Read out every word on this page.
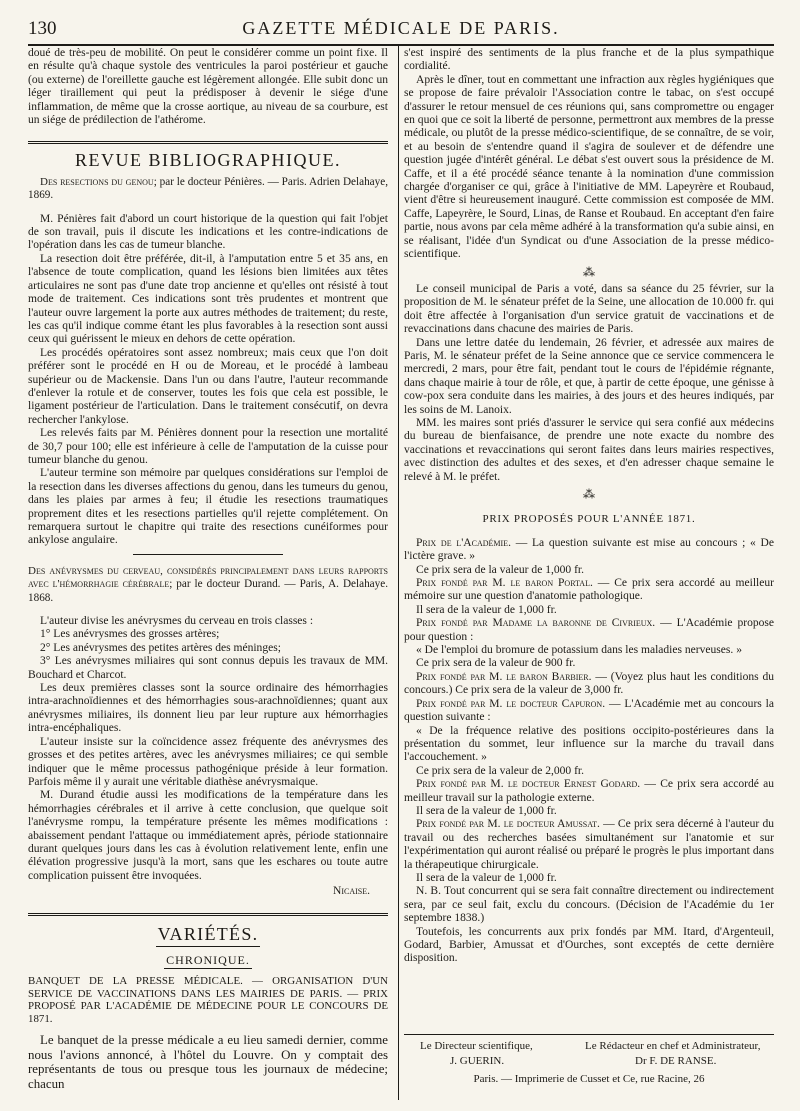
130	GAZETTE MÉDICALE DE PARIS.

doué de très-peu de mobilité. On peut le considérer comme un point fixe. Il en résulte qu'à chaque systole des ventricules la paroi postérieur et gauche (ou externe) de l'oreillette gauche est légèrement allongée. Elle subit donc un léger tiraillement qui peut la prédisposer à devenir le siége d'une inflammation, de même que la crosse aortique, au niveau de sa courbure, est un siége de prédilection de l'athérome.

REVUE BIBLIOGRAPHIQUE.

Des resections du genou; par le docteur Pénières. — Paris. Adrien Delahaye, 1869.

M. Pénières fait d'abord un court historique de la question qui fait l'objet de son travail, puis il discute les indications et les contre-indications de l'opération dans les cas de tumeur blanche.

La resection doit être préférée, dit-il, à l'amputation entre 5 et 35 ans, en l'absence de toute complication, quand les lésions bien limitées aux têtes articulaires ne sont pas d'une date trop ancienne et qu'elles ont résisté à tout mode de traitement. Ces indications sont très prudentes et montrent que l'auteur ouvre largement la porte aux autres méthodes de traitement; du reste, les cas qu'il indique comme étant les plus favorables à la resection sont aussi ceux qui guérissent le mieux en dehors de cette opération.

Les procédés opératoires sont assez nombreux; mais ceux que l'on doit préférer sont le procédé en H ou de Moreau, et le procédé à lambeau supérieur ou de Mackensie. Dans l'un ou dans l'autre, l'auteur recommande d'enlever la rotule et de conserver, toutes les fois que cela est possible, le ligament postérieur de l'articulation. Dans le traitement consécutif, on devra rechercher l'ankylose.

Les relevés faits par M. Pénières donnent pour la resection une mortalité de 30,7 pour 100; elle est inférieure à celle de l'amputation de la cuisse pour tumeur blanche du genou.

L'auteur termine son mémoire par quelques considérations sur l'emploi de la resection dans les diverses affections du genou, dans les tumeurs du genou, dans les plaies par armes à feu; il étudie les resections traumatiques proprement dites et les resections partielles qu'il rejette complétement. On remarquera surtout le chapitre qui traite des resections cunéiformes pour ankylose angulaire.

Des anévrysmes du cerveau, considérés principalement dans leurs rapports avec l'hémorrhagie cérébrale; par le docteur Durand. — Paris, A. Delahaye. 1868.

L'auteur divise les anévrysmes du cerveau en trois classes :

1° Les anévrysmes des grosses artères;

2° Les anévrysmes des petites artères des méninges;

3° Les anévrysmes miliaires qui sont connus depuis les travaux de MM. Bouchard et Charcot.

Les deux premières classes sont la source ordinaire des hémorrhagies intra-arachnoïdiennes et des hémorrhagies sous-arachnoïdiennes; quant aux anévrysmes miliaires, ils donnent lieu par leur rupture aux hémorrhagies intra-encéphaliques.

L'auteur insiste sur la coïncidence assez fréquente des anévrysmes des grosses et des petites artères, avec les anévrysmes miliaires; ce qui semble indiquer que le même processus pathogénique préside à leur formation. Parfois même il y aurait une véritable diathèse anévrysmaique.

M. Durand étudie aussi les modifications de la température dans les hémorrhagies cérébrales et il arrive à cette conclusion, que quelque soit l'anévrysme rompu, la température présente les mêmes modifications : abaissement pendant l'attaque ou immédiatement après, période stationnaire durant quelques jours dans les cas à évolution relativement lente, enfin une élévation progressive jusqu'à la mort, sans que les eschares ou toute autre complication puissent être invoquées.

Nicaise.

VARIÉTÉS.
CHRONIQUE.

BANQUET DE LA PRESSE MÉDICALE. — ORGANISATION D'UN SERVICE DE VACCINATIONS DANS LES MAIRIES DE PARIS. — PRIX PROPOSÉ PAR L'ACADÉMIE DE MÉDECINE POUR LE CONCOURS DE 1871.

Le banquet de la presse médicale a eu lieu samedi dernier, comme nous l'avions annoncé, à l'hôtel du Louvre. On y comptait des représentants de tous ou presque tous les journaux de médecine; chacun

s'est inspiré des sentiments de la plus franche et de la plus sympathique cordialité.

Après le dîner, tout en commettant une infraction aux règles hygiéniques que se propose de faire prévaloir l'Association contre le tabac, on s'est occupé d'assurer le retour mensuel de ces réunions qui, sans compromettre ou engager en quoi que ce soit la liberté de personne, permettront aux membres de la presse médicale, ou plutôt de la presse médico-scientifique, de se connaître, de se voir, et au besoin de s'entendre quand il s'agira de soulever et de défendre une question jugée d'intérêt général. Le débat s'est ouvert sous la présidence de M. Caffe, et il a été procédé séance tenante à la nomination d'une commission chargée d'organiser ce qui, grâce à l'initiative de MM. Lapeyrère et Roubaud, vient d'être si heureusement inauguré. Cette commission est composée de MM. Caffe, Lapeyrère, le Sourd, Linas, de Ranse et Roubaud. En acceptant d'en faire partie, nous avons par cela même adhéré à la transformation qu'a subie ainsi, en se réalisant, l'idée d'un Syndicat ou d'une Association de la presse médico-scientifique.

⁂

Le conseil municipal de Paris a voté, dans sa séance du 25 février, sur la proposition de M. le sénateur préfet de la Seine, une allocation de 10.000 fr. qui doit être affectée à l'organisation d'un service gratuit de vaccinations et de revaccinations dans chacune des mairies de Paris.

Dans une lettre datée du lendemain, 26 février, et adressée aux maires de Paris, M. le sénateur préfet de la Seine annonce que ce service commencera le mercredi, 2 mars, pour être fait, pendant tout le cours de l'épidémie régnante, dans chaque mairie à tour de rôle, et que, à partir de cette époque, une génisse à cow-pox sera conduite dans les mairies, à des jours et des heures indiqués, par les soins de M. Lanoix.

MM. les maires sont priés d'assurer le service qui sera confié aux médecins du bureau de bienfaisance, de prendre une note exacte du nombre des vaccinations et revaccinations qui seront faites dans leurs mairies respectives, avec distinction des adultes et des sexes, et d'en adresser chaque semaine le relevé à M. le préfet.

⁂
PRIX PROPOSÉS POUR L'ANNÉE 1871.

Prix de l'Académie. — La question suivante est mise au concours ; « De l'ictère grave. »

Ce prix sera de la valeur de 1,000 fr.

Prix fondé par M. le baron Portal. — Ce prix sera accordé au meilleur mémoire sur une question d'anatomie pathologique.

Il sera de la valeur de 1,000 fr.

Prix fondé par Madame la baronne de Civrieux. — L'Académie propose pour question :

« De l'emploi du bromure de potassium dans les maladies nerveuses. »

Ce prix sera de la valeur de 900 fr.

Prix fondé par M. le baron Barbier. — (Voyez plus haut les conditions du concours.) Ce prix sera de la valeur de 3,000 fr.

Prix fondé par M. le docteur Capuron. — L'Académie met au concours la question suivante :

« De la fréquence relative des positions occipito-postérieures dans la présentation du sommet, leur influence sur la marche du travail dans l'accouchement. »

Ce prix sera de la valeur de 2,000 fr.

Prix fondé par M. le docteur Ernest Godard. — Ce prix sera accordé au meilleur travail sur la pathologie externe.

Il sera de la valeur de 1,000 fr.

Prix fondé par M. le docteur Amussat. — Ce prix sera décerné à l'auteur du travail ou des recherches basées simultanément sur l'anatomie et sur l'expérimentation qui auront réalisé ou préparé le progrès le plus important dans la thérapeutique chirurgicale.

Il sera de la valeur de 1,000 fr.

N. B. Tout concurrent qui se sera fait connaître directement ou indirectement sera, par ce seul fait, exclu du concours. (Décision de l'Académie du 1er septembre 1838.)

Toutefois, les concurrents aux prix fondés par MM. Itard, d'Argenteuil, Godard, Barbier, Amussat et d'Ourches, sont exceptés de cette dernière disposition.

Le Directeur scientifique,	Le Rédacteur en chef et Administrateur,
J. GUERIN.	Dr F. DE RANSE.
Paris. — Imprimerie de Cusset et Ce, rue Racine, 26
